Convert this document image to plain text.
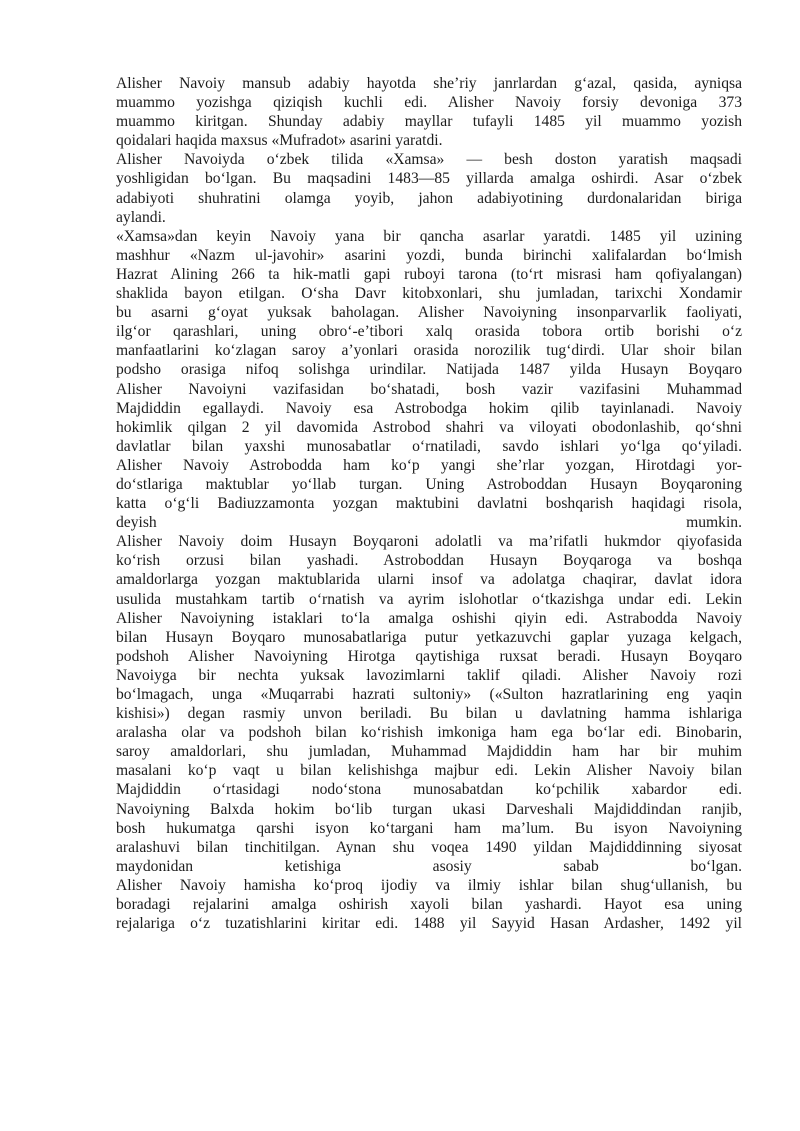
Alisher Navoiy mansub adabiy hayotda she’riy janrlardan g‘azal, qasida, ayniqsa
muammo yozishga qiziqish kuchli edi. Alisher Navoiy forsiy devoniga 373
muammo kiritgan. Shunday adabiy mayllar tufayli 1485 yil muammo yozish
qoidalari haqida maxsus «Mufradot» asarini yaratdi.
Alisher Navoiyda o‘zbek tilida «Xamsa» — besh doston yaratish maqsadi
yoshligidan bo‘lgan. Bu maqsadini 1483—85 yillarda amalga oshirdi. Asar o‘zbek
adabiyoti shuhratini olamga yoyib, jahon adabiyotining durdonalaridan biriga
aylandi.
«Xamsa»dan keyin Navoiy yana bir qancha asarlar yaratdi. 1485 yil uzining
mashhur «Nazm ul-javohir» asarini yozdi, bunda birinchi xalifalardan bo‘lmish
Hazrat Alining 266 ta hik-matli gapi ruboyi tarona (to‘rt misrasi ham qofiyalangan)
shaklida bayon etilgan. O‘sha Davr kitobxonlari, shu jumladan, tarixchi Xondamir
bu asarni g‘oyat yuksak baholagan. Alisher Navoiyning insonparvarlik faoliyati,
ilg‘or qarashlari, uning obro‘-e’tibori xalq orasida tobora ortib borishi o‘z
manfaatlarini ko‘zlagan saroy a’yonlari orasida norozilik tug‘dirdi. Ular shoir bilan
podsho orasiga nifoq solishga urindilar. Natijada 1487 yilda Husayn Boyqaro
Alisher Navoiyni vazifasidan bo‘shatadi, bosh vazir vazifasini Muhammad
Majdiddin egallaydi. Navoiy esa Astrobodga hokim qilib tayinlanadi. Navoiy
hokimlik qilgan 2 yil davomida Astrobod shahri va viloyati obodonlashib, qo‘shni
davlatlar bilan yaxshi munosabatlar o‘rnatiladi, savdo ishlari yo‘lga qo‘yiladi.
Alisher Navoiy Astrobodda ham ko‘p yangi she’rlar yozgan, Hirotdagi yor-
do‘stlariga maktublar yo‘llab turgan. Uning Astroboddan Husayn Boyqaroning
katta o‘g‘li Badiuzzamonta yozgan maktubini davlatni boshqarish haqidagi risola,
deyish mumkin.
Alisher Navoiy doim Husayn Boyqaroni adolatli va ma’rifatli hukmdor qiyofasida
ko‘rish orzusi bilan yashadi. Astroboddan Husayn Boyqaroga va boshqa
amaldorlarga yozgan maktublarida ularni insof va adolatga chaqirar, davlat idora
usulida mustahkam tartib o‘rnatish va ayrim islohotlar o‘tkazishga undar edi. Lekin
Alisher Navoiyning istaklari to‘la amalga oshishi qiyin edi. Astrabodda Navoiy
bilan Husayn Boyqaro munosabatlariga putur yetkazuvchi gaplar yuzaga kelgach,
podshoh Alisher Navoiyning Hirotga qaytishiga ruxsat beradi. Husayn Boyqaro
Navoiyga bir nechta yuksak lavozimlarni taklif qiladi. Alisher Navoiy rozi
bo‘lmagach, unga «Muqarrabi hazrati sultoniy» («Sulton hazratlarining eng yaqin
kishisi») degan rasmiy unvon beriladi. Bu bilan u davlatning hamma ishlariga
aralasha olar va podshoh bilan ko‘rishish imkoniga ham ega bo‘lar edi. Binobarin,
saroy amaldorlari, shu jumladan, Muhammad Majdiddin ham har bir muhim
masalani ko‘p vaqt u bilan kelishishga majbur edi. Lekin Alisher Navoiy bilan
Majdiddin o‘rtasidagi nodo‘stona munosabatdan ko‘pchilik xabardor edi.
Navoiyning Balxda hokim bo‘lib turgan ukasi Darveshali Majdiddindan ranjib,
bosh hukumatga qarshi isyon ko‘targani ham ma’lum. Bu isyon Navoiyning
aralashuvi bilan tinchitilgan. Aynan shu voqea 1490 yildan Majdiddinning siyosat
maydonidan ketishiga asosiy sabab bo‘lgan.
Alisher Navoiy hamisha ko‘proq ijodiy va ilmiy ishlar bilan shug‘ullanish, bu
boradagi rejalarini amalga oshirish xayoli bilan yashardi. Hayot esa uning
rejalariga o‘z tuzatishlarini kiritar edi. 1488 yil Sayyid Hasan Ardasher, 1492 yil
